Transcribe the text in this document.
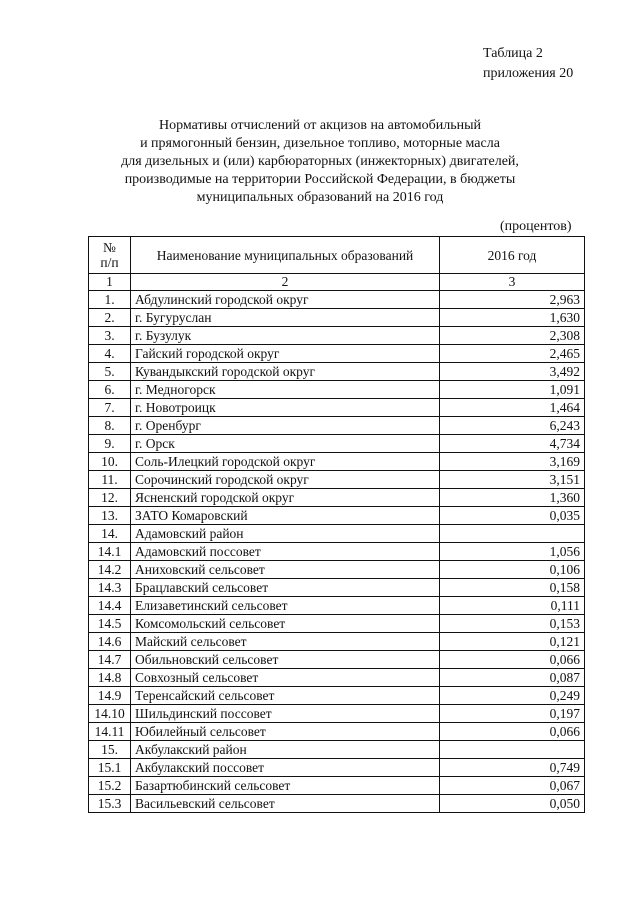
Таблица 2
приложения 20
Нормативы отчислений от акцизов на автомобильный
и прямогонный бензин, дизельное топливо, моторные масла
для дизельных и (или) карбюраторных (инжекторных) двигателей,
производимые на территории Российской Федерации, в бюджеты
муниципальных образований на 2016 год
(процентов)
№
п/п	Наименование муниципальных образований	2016 год
1	2	3
1.	Абдулинский городской округ	2,963
2.	г. Бугуруслан	1,630
3.	г. Бузулук	2,308
4.	Гайский городской округ	2,465
5.	Кувандыкский городской округ	3,492
6.	г. Медногорск	1,091
7.	г. Новотроицк	1,464
8.	г. Оренбург	6,243
9.	г. Орск	4,734
10.	Соль-Илецкий городской округ	3,169
11.	Сорочинский городской округ	3,151
12.	Ясненский городской округ	1,360
13.	ЗАТО Комаровский	0,035
14.	Адамовский район	
14.1	Адамовский поссовет	1,056
14.2	Аниховский сельсовет	0,106
14.3	Брацлавский сельсовет	0,158
14.4	Елизаветинский сельсовет	0,111
14.5	Комсомольский сельсовет	0,153
14.6	Майский сельсовет	0,121
14.7	Обильновский сельсовет	0,066
14.8	Совхозный сельсовет	0,087
14.9	Теренсайский сельсовет	0,249
14.10	Шильдинский поссовет	0,197
14.11	Юбилейный сельсовет	0,066
15.	Акбулакский район	
15.1	Акбулакский поссовет	0,749
15.2	Базартюбинский сельсовет	0,067
15.3	Васильевский сельсовет	0,050
